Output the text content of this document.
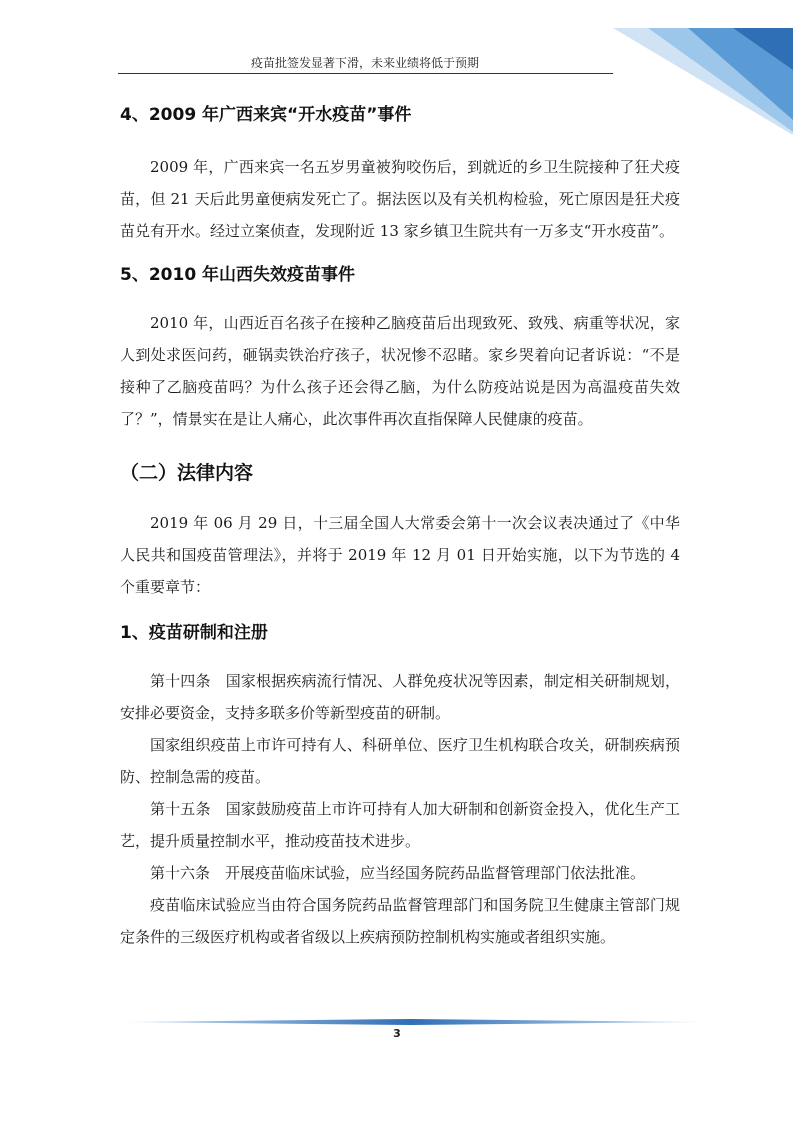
疫苗批签发显著下滑，未来业绩将低于预期
4、2009 年广西来宾“开水疫苗”事件

2009 年，广西来宾一名五岁男童被狗咬伤后，到就近的乡卫生院接种了狂犬疫苗，但 21 天后此男童便病发死亡了。据法医以及有关机构检验，死亡原因是狂犬疫苗兑有开水。经过立案侦查，发现附近 13 家乡镇卫生院共有一万多支“开水疫苗”。

5、2010 年山西失效疫苗事件

2010 年，山西近百名孩子在接种乙脑疫苗后出现致死、致残、病重等状况，家人到处求医问药，砸锅卖铁治疗孩子，状况惨不忍睹。家乡哭着向记者诉说：“不是接种了乙脑疫苗吗？为什么孩子还会得乙脑，为什么防疫站说是因为高温疫苗失效了？”，情景实在是让人痛心，此次事件再次直指保障人民健康的疫苗。

（二）法律内容

2019 年 06 月 29 日，十三届全国人大常委会第十一次会议表决通过了《中华人民共和国疫苗管理法》，并将于 2019 年 12 月 01 日开始实施，以下为节选的 4 个重要章节：

1、疫苗研制和注册

第十四条　国家根据疾病流行情况、人群免疫状况等因素，制定相关研制规划，安排必要资金，支持多联多价等新型疫苗的研制。

国家组织疫苗上市许可持有人、科研单位、医疗卫生机构联合攻关，研制疾病预防、控制急需的疫苗。

第十五条　国家鼓励疫苗上市许可持有人加大研制和创新资金投入，优化生产工艺，提升质量控制水平，推动疫苗技术进步。

第十六条　开展疫苗临床试验，应当经国务院药品监督管理部门依法批准。

疫苗临床试验应当由符合国务院药品监督管理部门和国务院卫生健康主管部门规定条件的三级医疗机构或者省级以上疾病预防控制机构实施或者组织实施。

3
